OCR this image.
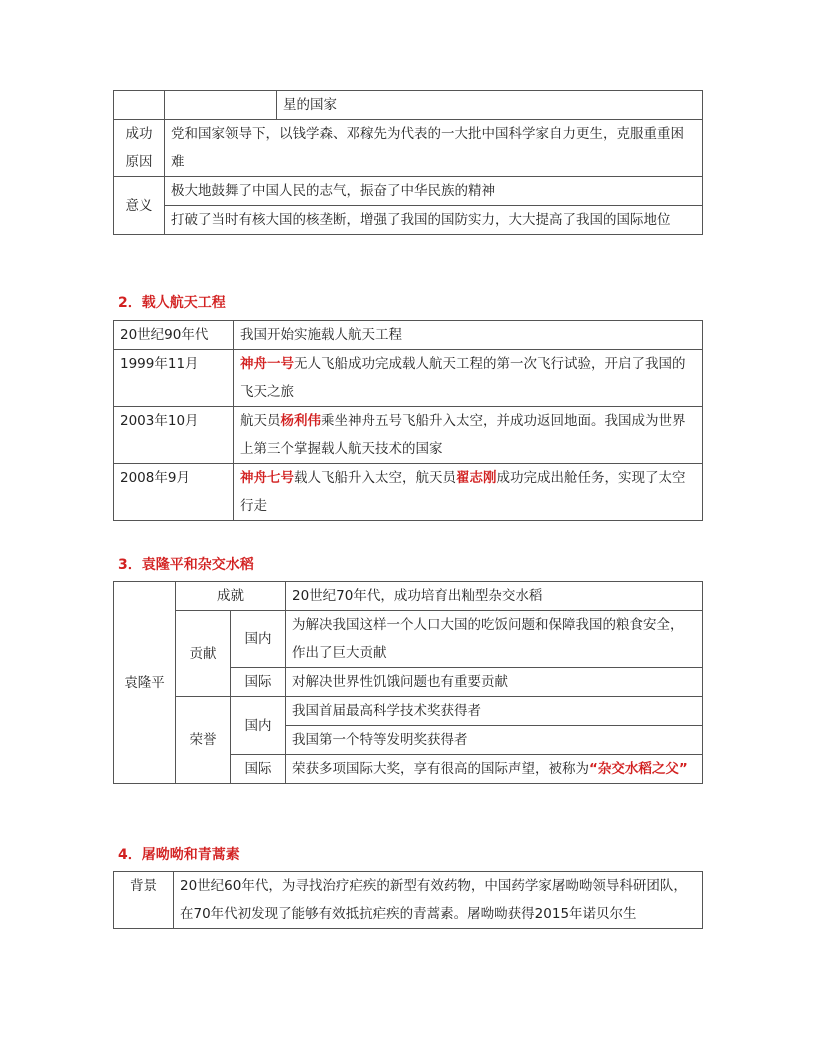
		星的国家
成功原因	党和国家领导下，以钱学森、邓稼先为代表的一大批中国科学家自力更生，克服重重困难	
意义	极大地鼓舞了中国人民的志气，振奋了中华民族的精神	
	打破了当时有核大国的核垄断，增强了我国的国防实力，大大提高了我国的国际地位	
2．载人航天工程
20世纪90年代	我国开始实施载人航天工程
1999年11月	神舟一号无人飞船成功完成载人航天工程的第一次飞行试验，开启了我国的飞天之旅
2003年10月	航天员杨利伟乘坐神舟五号飞船升入太空，并成功返回地面。我国成为世界上第三个掌握载人航天技术的国家
2008年9月	神舟七号载人飞船升入太空，航天员翟志刚成功完成出舱任务，实现了太空行走
3．袁隆平和杂交水稻
袁隆平	成就		20世纪70年代，成功培育出籼型杂交水稻
	贡献	国内	为解决我国这样一个人口大国的吃饭问题和保障我国的粮食安全，作出了巨大贡献
		国际	对解决世界性饥饿问题也有重要贡献
	荣誉	国内	我国首届最高科学技术奖获得者
			我国第一个特等发明奖获得者
		国际	荣获多项国际大奖，享有很高的国际声望，被称为“杂交水稻之父”

4．屠呦呦和青蒿素
背景	20世纪60年代，为寻找治疗疟疾的新型有效药物，中国药学家屠呦呦领导科研团队，在70年代初发现了能够有效抵抗疟疾的青蒿素。屠呦呦获得2015年诺贝尔生
